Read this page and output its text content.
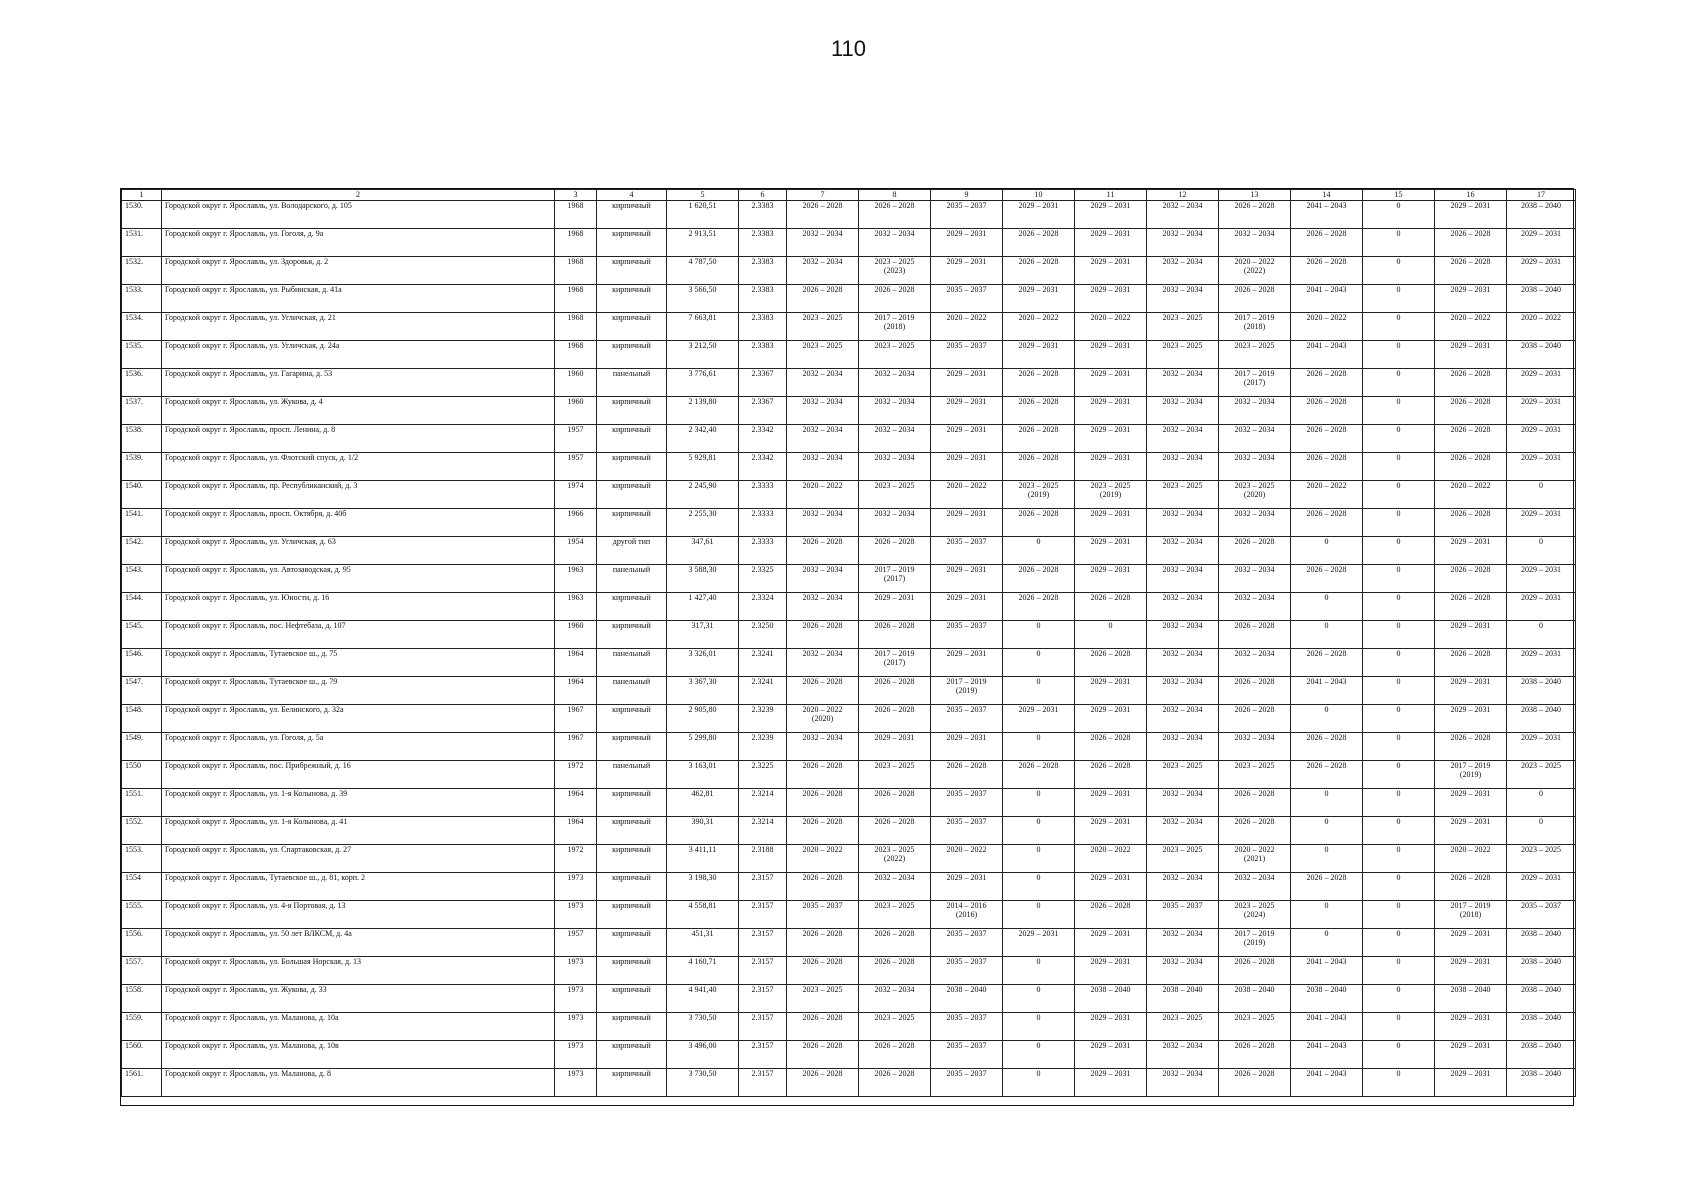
110
1	2	3	4	5	6	7	8	9	10	11	12	13	14	15	16	17
1530.	Городской округ г. Ярославль, ул. Володарского, д. 105	1968	кирпичный	1 620,51	2.3383	2026 – 2028	2026 – 2028	2035 – 2037	2029 – 2031	2029 – 2031	2032 – 2034	2026 – 2028	2041 – 2043	0	2029 – 2031	2038 – 2040
1531.	Городской округ г. Ярославль, ул. Гоголя, д. 9а	1968	кирпичный	2 913,51	2.3383	2032 – 2034	2032 – 2034	2029 – 2031	2026 – 2028	2029 – 2031	2032 – 2034	2032 – 2034	2026 – 2028	0	2026 – 2028	2029 – 2031
1532.	Городской округ г. Ярославль, ул. Здоровья, д. 2	1968	кирпичный	4 787,50	2.3383	2032 – 2034	2023 – 2025
(2023)	2029 – 2031	2026 – 2028	2029 – 2031	2032 – 2034	2020 – 2022
(2022)	2026 – 2028	0	2026 – 2028	2029 – 2031
1533.	Городской округ г. Ярославль, ул. Рыбинская, д. 41а	1968	кирпичный	3 566,50	2.3383	2026 – 2028	2026 – 2028	2035 – 2037	2029 – 2031	2029 – 2031	2032 – 2034	2026 – 2028	2041 – 2043	0	2029 – 2031	2038 – 2040
1534.	Городской округ г. Ярославль, ул. Угличская, д. 21	1968	кирпичный	7 663,81	2.3383	2023 – 2025	2017 – 2019
(2018)	2020 – 2022	2020 – 2022	2020 – 2022	2023 – 2025	2017 – 2019
(2018)	2020 – 2022	0	2020 – 2022	2020 – 2022
1535.	Городской округ г. Ярославль, ул. Угличская, д. 24а	1968	кирпичный	3 212,50	2.3383	2023 – 2025	2023 – 2025	2035 – 2037	2029 – 2031	2029 – 2031	2023 – 2025	2023 – 2025	2041 – 2043	0	2029 – 2031	2038 – 2040
1536.	Городской округ г. Ярославль, ул. Гагарина, д. 53	1960	панельный	3 776,61	2.3367	2032 – 2034	2032 – 2034	2029 – 2031	2026 – 2028	2029 – 2031	2032 – 2034	2017 – 2019
(2017)	2026 – 2028	0	2026 – 2028	2029 – 2031
1537.	Городской округ г. Ярославль, ул. Жукова, д. 4	1960	кирпичный	2 139,80	2.3367	2032 – 2034	2032 – 2034	2029 – 2031	2026 – 2028	2029 – 2031	2032 – 2034	2032 – 2034	2026 – 2028	0	2026 – 2028	2029 – 2031
1538.	Городской округ г. Ярославль, просп. Ленина, д. 8	1957	кирпичный	2 342,40	2.3342	2032 – 2034	2032 – 2034	2029 – 2031	2026 – 2028	2029 – 2031	2032 – 2034	2032 – 2034	2026 – 2028	0	2026 – 2028	2029 – 2031
1539.	Городской округ г. Ярославль, ул. Флотский спуск, д. 1/2	1957	кирпичный	5 929,81	2.3342	2032 – 2034	2032 – 2034	2029 – 2031	2026 – 2028	2029 – 2031	2032 – 2034	2032 – 2034	2026 – 2028	0	2026 – 2028	2029 – 2031
1540.	Городской округ г. Ярославль, пр. Республиканский, д. 3	1974	кирпичный	2 245,90	2.3333	2020 – 2022	2023 – 2025	2020 – 2022	2023 – 2025
(2019)	2023 – 2025
(2019)	2023 – 2025	2023 – 2025
(2020)	2020 – 2022	0	2020 – 2022	0
1541.	Городской округ г. Ярославль, просп. Октября, д. 40б	1966	кирпичный	2 255,30	2.3333	2032 – 2034	2032 – 2034	2029 – 2031	2026 – 2028	2029 – 2031	2032 – 2034	2032 – 2034	2026 – 2028	0	2026 – 2028	2029 – 2031
1542.	Городской округ г. Ярославль, ул. Угличская, д. 63	1954	другой тип	347,61	2.3333	2026 – 2028	2026 – 2028	2035 – 2037	0	2029 – 2031	2032 – 2034	2026 – 2028	0	0	2029 – 2031	0
1543.	Городской округ г. Ярославль, ул. Автозаводская, д. 95	1963	панельный	3 588,30	2.3325	2032 – 2034	2017 – 2019
(2017)	2029 – 2031	2026 – 2028	2029 – 2031	2032 – 2034	2032 – 2034	2026 – 2028	0	2026 – 2028	2029 – 2031
1544.	Городской округ г. Ярославль, ул. Юности, д. 16	1963	кирпичный	1 427,40	2.3324	2032 – 2034	2029 – 2031	2029 – 2031	2026 – 2028	2026 – 2028	2032 – 2034	2032 – 2034	0	0	2026 – 2028	2029 – 2031
1545.	Городской округ г. Ярославль, пос. Нефтебаза, д. 107	1960	кирпичный	317,31	2.3250	2026 – 2028	2026 – 2028	2035 – 2037	0	0	2032 – 2034	2026 – 2028	0	0	2029 – 2031	0
1546.	Городской округ г. Ярославль, Тутаевское ш., д. 75	1964	панельный	3 326,01	2.3241	2032 – 2034	2017 – 2019
(2017)	2029 – 2031	0	2026 – 2028	2032 – 2034	2032 – 2034	2026 – 2028	0	2026 – 2028	2029 – 2031
1547.	Городской округ г. Ярославль, Тутаевское ш., д. 79	1964	панельный	3 367,30	2.3241	2026 – 2028	2026 – 2028	2017 – 2019
(2019)	0	2029 – 2031	2032 – 2034	2026 – 2028	2041 – 2043	0	2029 – 2031	2038 – 2040
1548.	Городской округ г. Ярославль, ул. Белинского, д. 32а	1967	кирпичный	2 905,80	2.3239	2020 – 2022
(2020)	2026 – 2028	2035 – 2037	2029 – 2031	2029 – 2031	2032 – 2034	2026 – 2028	0	0	2029 – 2031	2038 – 2040
1549.	Городской округ г. Ярославль, ул. Гоголя, д. 5а	1967	кирпичный	5 299,80	2.3239	2032 – 2034	2029 – 2031	2029 – 2031	0	2026 – 2028	2032 – 2034	2032 – 2034	2026 – 2028	0	2026 – 2028	2029 – 2031
1550	Городской округ г. Ярославль, пос. Прибрежный, д. 16	1972	панельный	3 163,01	2.3225	2026 – 2028	2023 – 2025	2026 – 2028	2026 – 2028	2026 – 2028	2023 – 2025	2023 – 2025	2026 – 2028	0	2017 – 2019
(2019)	2023 – 2025
1551.	Городской округ г. Ярославль, ул. 1-я Колынова, д. 39	1964	кирпичный	462,81	2.3214	2026 – 2028	2026 – 2028	2035 – 2037	0	2029 – 2031	2032 – 2034	2026 – 2028	0	0	2029 – 2031	0
1552.	Городской округ г. Ярославль, ул. 1-я Колынова, д. 41	1964	кирпичный	390,31	2.3214	2026 – 2028	2026 – 2028	2035 – 2037	0	2029 – 2031	2032 – 2034	2026 – 2028	0	0	2029 – 2031	0
1553.	Городской округ г. Ярославль, ул. Спартаковская, д. 27	1972	кирпичный	3 411,11	2.3188	2020 – 2022	2023 – 2025
(2022)	2020 – 2022	0	2020 – 2022	2023 – 2025	2020 – 2022
(2021)	0	0	2020 – 2022	2023 – 2025
1554	Городской округ г. Ярославль, Тутаевское ш., д. 81, корп. 2	1973	кирпичный	3 198,30	2.3157	2026 – 2028	2032 – 2034	2029 – 2031	0	2029 – 2031	2032 – 2034	2032 – 2034	2026 – 2028	0	2026 – 2028	2029 – 2031
1555.	Городской округ г. Ярославль, ул. 4-я Портовая, д. 13	1973	кирпичный	4 558,81	2.3157	2035 – 2037	2023 – 2025	2014 – 2016
(2016)	0	2026 – 2028	2035 – 2037	2023 – 2025
(2024)	0	0	2017 – 2019
(2018)	2035 – 2037
1556.	Городской округ г. Ярославль, ул. 50 лет ВЛКСМ, д. 4а	1957	кирпичный	451,31	2.3157	2026 – 2028	2026 – 2028	2035 – 2037	2029 – 2031	2029 – 2031	2032 – 2034	2017 – 2019
(2019)	0	0	2029 – 2031	2038 – 2040
1557.	Городской округ г. Ярославль, ул. Большая Норская, д. 13	1973	кирпичный	4 160,71	2.3157	2026 – 2028	2026 – 2028	2035 – 2037	0	2029 – 2031	2032 – 2034	2026 – 2028	2041 – 2043	0	2029 – 2031	2038 – 2040
1558.	Городской округ г. Ярославль, ул. Жукова, д. 33	1973	кирпичный	4 941,40	2.3157	2023 – 2025	2032 – 2034	2038 – 2040	0	2038 – 2040	2038 – 2040	2038 – 2040	2038 – 2040	0	2038 – 2040	2038 – 2040
1559.	Городской округ г. Ярославль, ул. Маланова, д. 10а	1973	кирпичный	3 730,50	2.3157	2026 – 2028	2023 – 2025	2035 – 2037	0	2029 – 2031	2023 – 2025	2023 – 2025	2041 – 2043	0	2029 – 2031	2038 – 2040
1560.	Городской округ г. Ярославль, ул. Маланова, д. 10в	1973	кирпичный	3 496,00	2.3157	2026 – 2028	2026 – 2028	2035 – 2037	0	2029 – 2031	2032 – 2034	2026 – 2028	2041 – 2043	0	2029 – 2031	2038 – 2040
1561.	Городской округ г. Ярославль, ул. Маланова, д. 8	1973	кирпичный	3 730,50	2.3157	2026 – 2028	2026 – 2028	2035 – 2037	0	2029 – 2031	2032 – 2034	2026 – 2028	2041 – 2043	0	2029 – 2031	2038 – 2040
